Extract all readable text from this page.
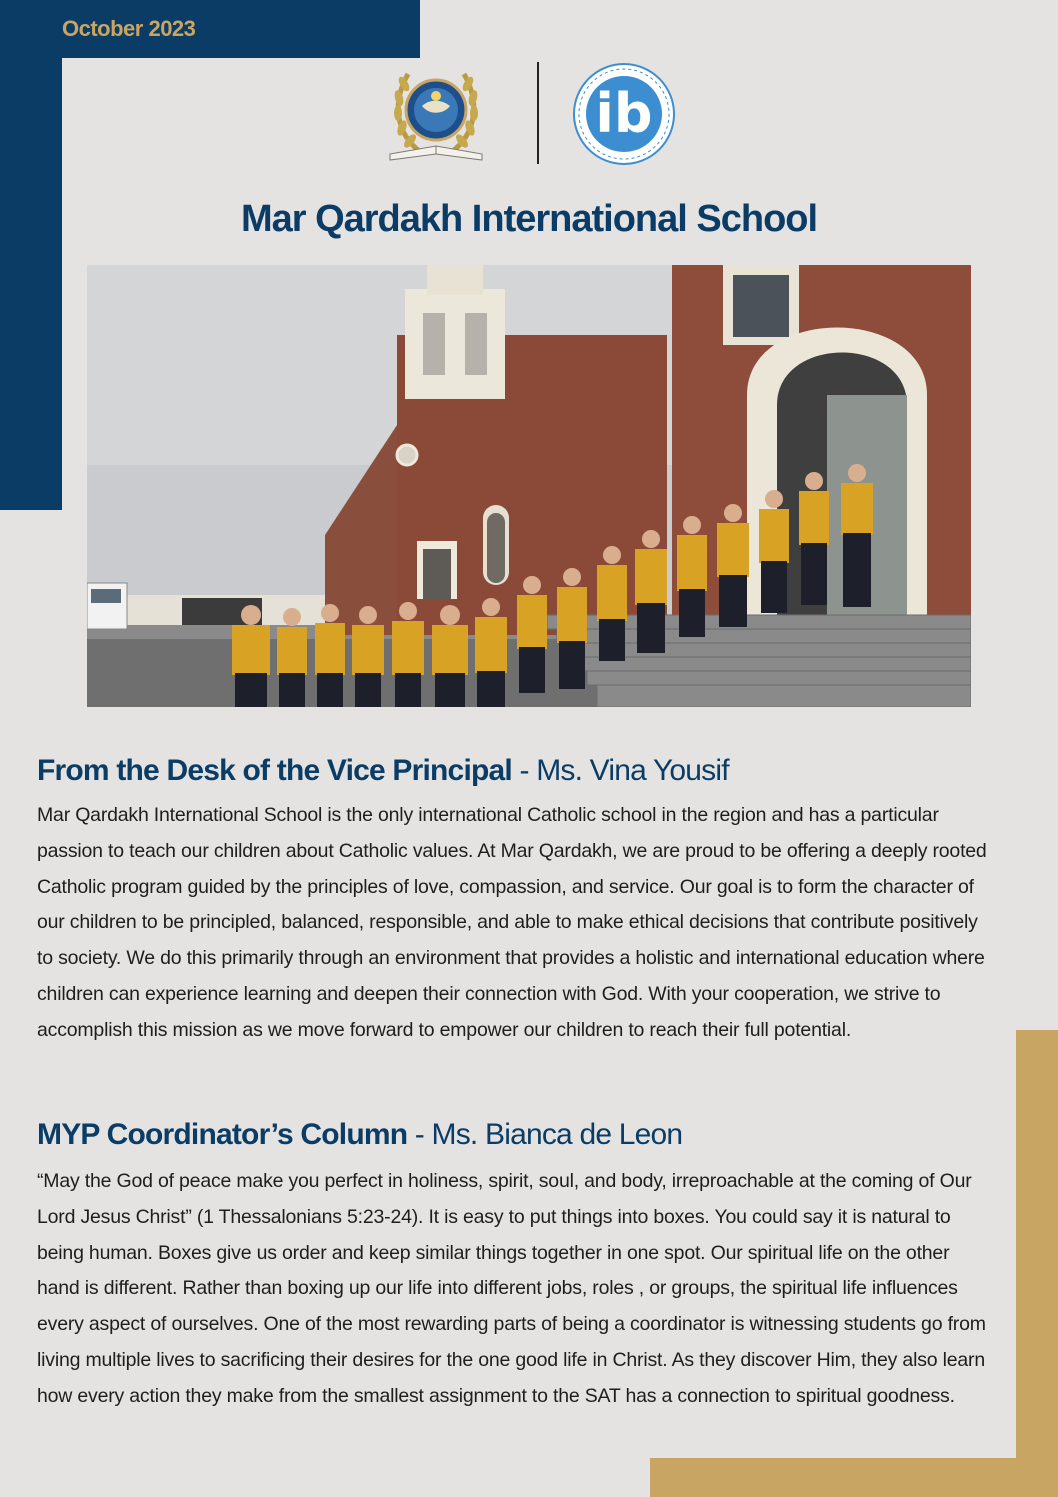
October 2023
ib
Mar Qardakh International School
From the Desk of the Vice Principal - Ms. Vina Yousif
Mar Qardakh International School is the only international Catholic school in the region and has a particular passion to teach our children about Catholic values. At Mar Qardakh, we are proud to be offering a deeply rooted Catholic program guided by the principles of love, compassion, and service. Our goal is to form the character of our children to be principled, balanced, responsible, and able to make ethical decisions that contribute positively to society. We do this primarily through an environment that provides a holistic and international education where children can experience learning and deepen their connection with God. With your cooperation, we strive to accomplish this mission as we move forward to empower our children to reach their full potential.
MYP Coordinator’s Column - Ms. Bianca de Leon
“May the God of peace make you perfect in holiness, spirit, soul, and body, irreproachable at the coming of Our Lord Jesus Christ” (1 Thessalonians 5:23-24). It is easy to put things into boxes. You could say it is natural to being human. Boxes give us order and keep similar things together in one spot. Our spiritual life on the other hand is different. Rather than boxing up our life into different jobs, roles , or groups, the spiritual life influences every aspect of ourselves. One of the most rewarding parts of being a coordinator is witnessing students go from living multiple lives to sacrificing their desires for the one good life in Christ. As they discover Him, they also learn how every action they make from the smallest assignment to the SAT has a connection to spiritual goodness.
